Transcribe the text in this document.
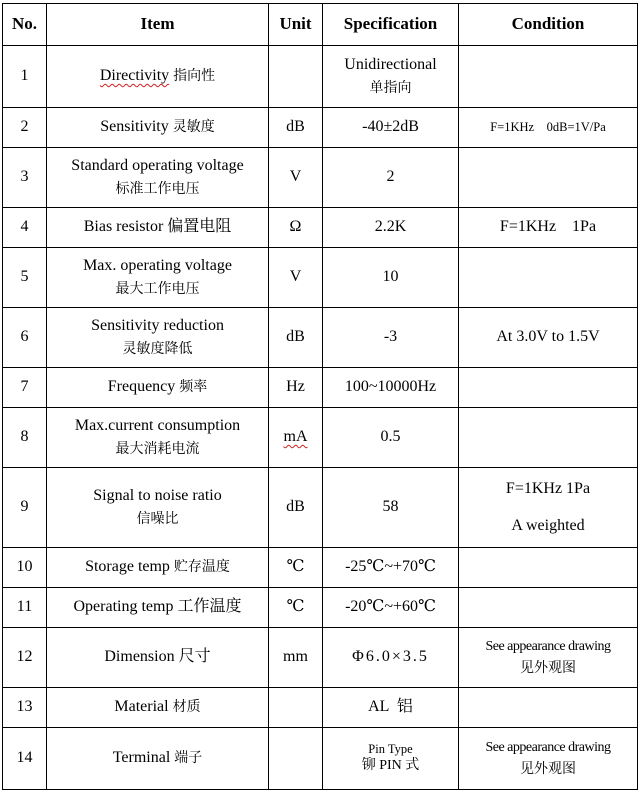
No.	Item	Unit	Specification	Condition
1	Directivity 指向性		Unidirectional
单指向	

2	Sensitivity 灵敏度	dB	-40±2dB	F=1KHz    0dB=1V/Pa
3	Standard operating voltage
标准工作电压	V	2	
4	Bias resistor 偏置电阻	Ω	2.2K	F=1KHz    1Pa
5	Max. operating voltage
最大工作电压	V	10	
6	Sensitivity reduction
灵敏度降低	dB	-3	At 3.0V to 1.5V
7	Frequency 频率	Hz	100~10000Hz	
8	Max.current consumption
最大消耗电流	mA	0.5	
9	Signal to noise ratio
信噪比	dB	58	F=1KHz 1Pa
A weighted

10	Storage temp 贮存温度	℃	-25℃~+70℃	
11	Operating temp 工作温度	℃	-20℃~+60℃	
12	Dimension 尺寸	mm	Φ6.0×3.5	See appearance drawing
见外观图

13	Material 材质		AL  铝	
14	Terminal 端子		Pin Type
铆 PIN 式	See appearance drawing
见外观图
